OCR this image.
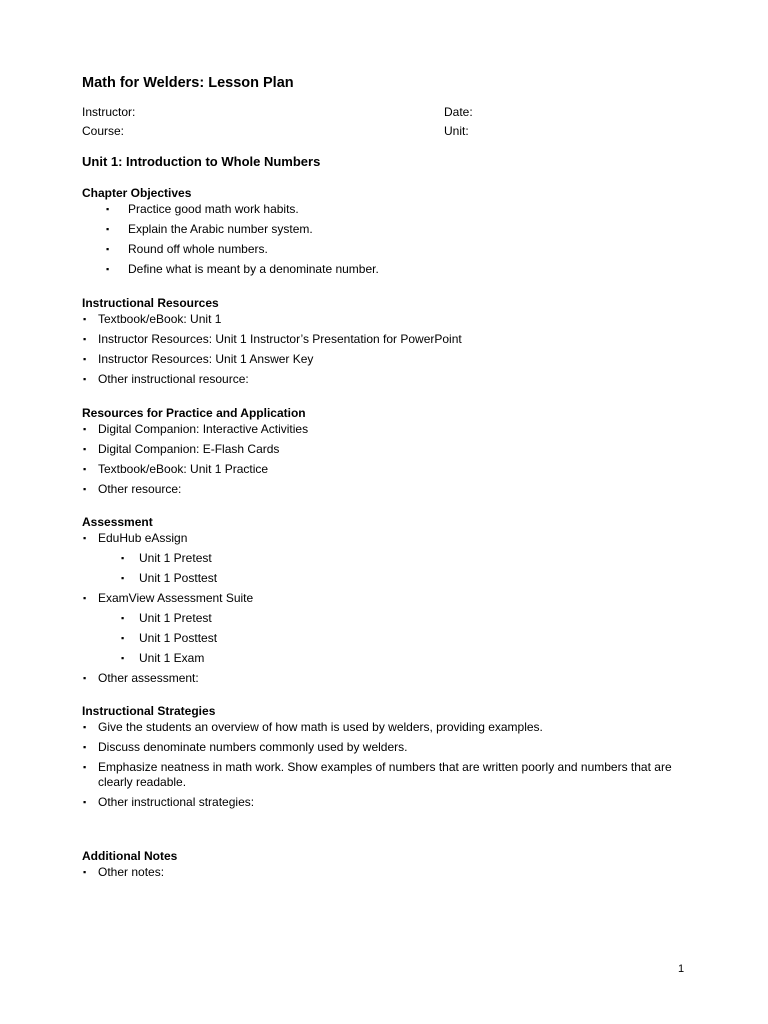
Math for Welders: Lesson Plan
Instructor:	Date:
Course:	Unit:
Unit 1: Introduction to Whole Numbers
Chapter Objectives
▪ Practice good math work habits.
▪ Explain the Arabic number system.
▪ Round off whole numbers.
▪ Define what is meant by a denominate number.
Instructional Resources
▪ Textbook/eBook: Unit 1
▪ Instructor Resources: Unit 1 Instructor’s Presentation for PowerPoint
▪ Instructor Resources: Unit 1 Answer Key
▪ Other instructional resource:
Resources for Practice and Application
▪ Digital Companion: Interactive Activities
▪ Digital Companion: E-Flash Cards
▪ Textbook/eBook: Unit 1 Practice
▪ Other resource:
Assessment
▪ EduHub eAssign
▪ Unit 1 Pretest
▪ Unit 1 Posttest
▪ ExamView Assessment Suite
▪ Unit 1 Pretest
▪ Unit 1 Posttest
▪ Unit 1 Exam
▪ Other assessment:
Instructional Strategies
▪ Give the students an overview of how math is used by welders, providing examples.
▪ Discuss denominate numbers commonly used by welders.
▪ Emphasize neatness in math work. Show examples of numbers that are written poorly and numbers that are clearly readable.
▪ Other instructional strategies:
Additional Notes
▪ Other notes:
1
